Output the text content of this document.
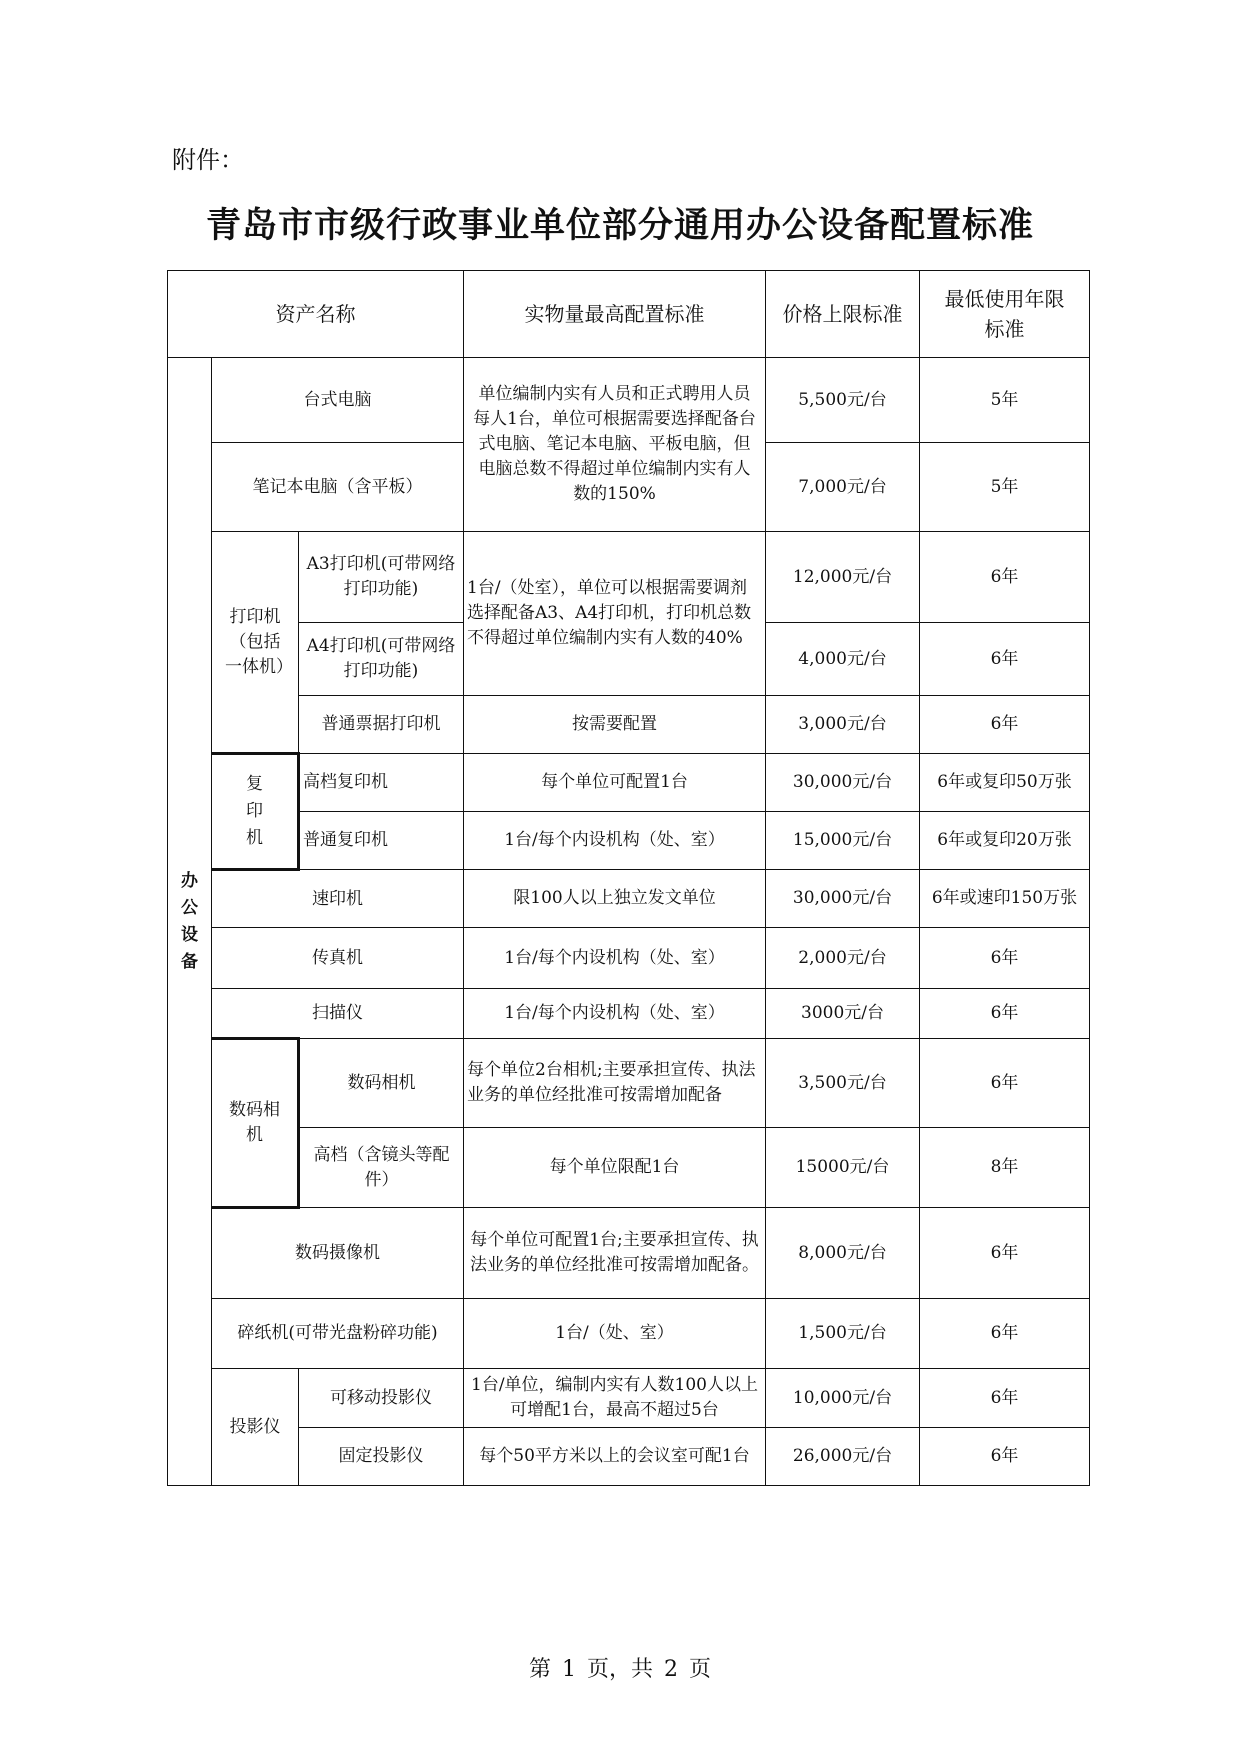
附件：
青岛市市级行政事业单位部分通用办公设备配置标准
资产名称			实物量最高配置标准	价格上限标准	最低使用年限标准

办公设备	台式电脑		单位编制内实有人员和正式聘用人员每人1台，单位可根据需要选择配备台式电脑、笔记本电脑、平板电脑，但电脑总数不得超过单位编制内实有人数的150%	5,500元/台	5年
	笔记本电脑（含平板）			7,000元/台	5年

	打印机（包括一体机）	A3打印机(可带网络打印功能)	1台/（处室），单位可以根据需要调剂选择配备A3、A4打印机，打印机总数不得超过单位编制内实有人数的40%	12,000元/台	6年
		A4打印机(可带网络打印功能)		4,000元/台	6年
		普通票据打印机	按需要配置	3,000元/台	6年

	复印机	高档复印机	每个单位可配置1台	30,000元/台	6年或复印50万张
		普通复印机	1台/每个内设机构（处、室）	15,000元/台	6年或复印20万张
	速印机		限100人以上独立发文单位	30,000元/台	6年或速印150万张
	传真机		1台/每个内设机构（处、室）	2,000元/台	6年
	扫描仪		1台/每个内设机构（处、室）	3000元/台	6年

	数码相机	数码相机	每个单位2台相机;主要承担宣传、执法业务的单位经批准可按需增加配备	3,500元/台	6年
		高档（含镜头等配件）	每个单位限配1台	15000元/台	8年
	数码摄像机		每个单位可配置1台;主要承担宣传、执法业务的单位经批准可按需增加配备。	8,000元/台	6年
	碎纸机(可带光盘粉碎功能)		1台/（处、室）	1,500元/台	6年
	投影仪	可移动投影仪	1台/单位，编制内实有人数100人以上可增配1台，最高不超过5台	10,000元/台	6年
		固定投影仪	每个50平方米以上的会议室可配1台	26,000元/台	6年
第 1 页，共 2 页
